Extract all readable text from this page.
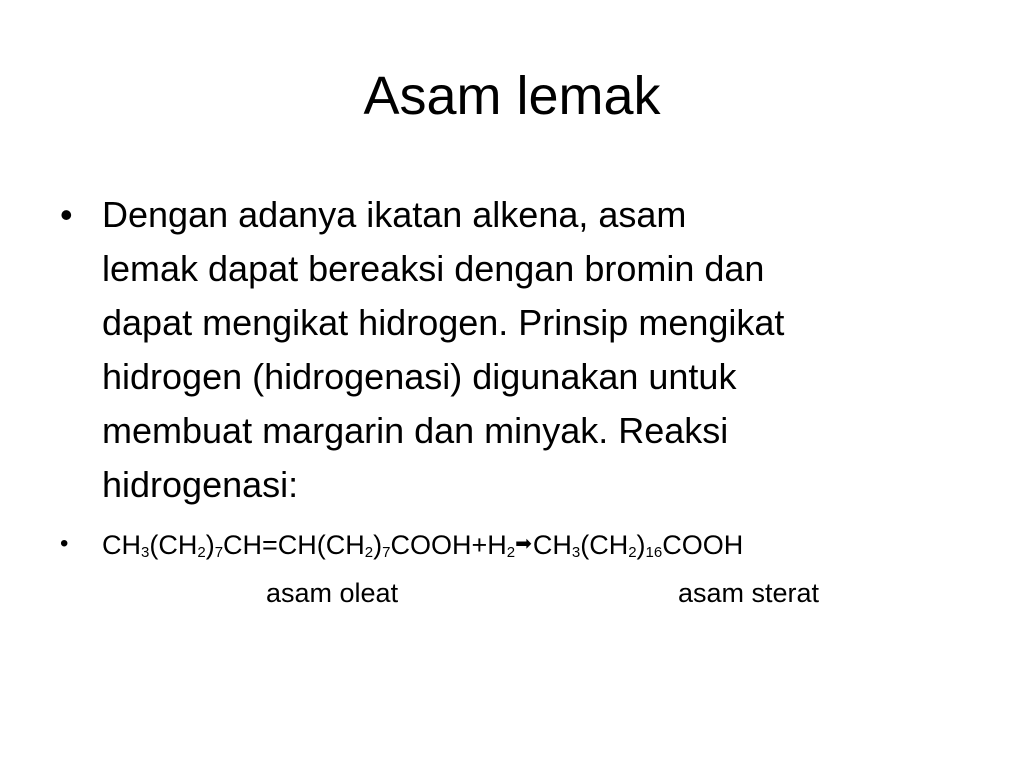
Asam lemak
• Dengan adanya ikatan alkena, asam
lemak dapat bereaksi dengan bromin dan
dapat mengikat hidrogen. Prinsip mengikat
hidrogen (hidrogenasi) digunakan untuk
membuat margarin dan minyak. Reaksi
hidrogenasi:
•	$CH_3(CH_2)_7CH=CH(CH_2)_7COOH+H_2➡CH_3(CH_2)_{16}COOH$
asam oleat	asam sterat
